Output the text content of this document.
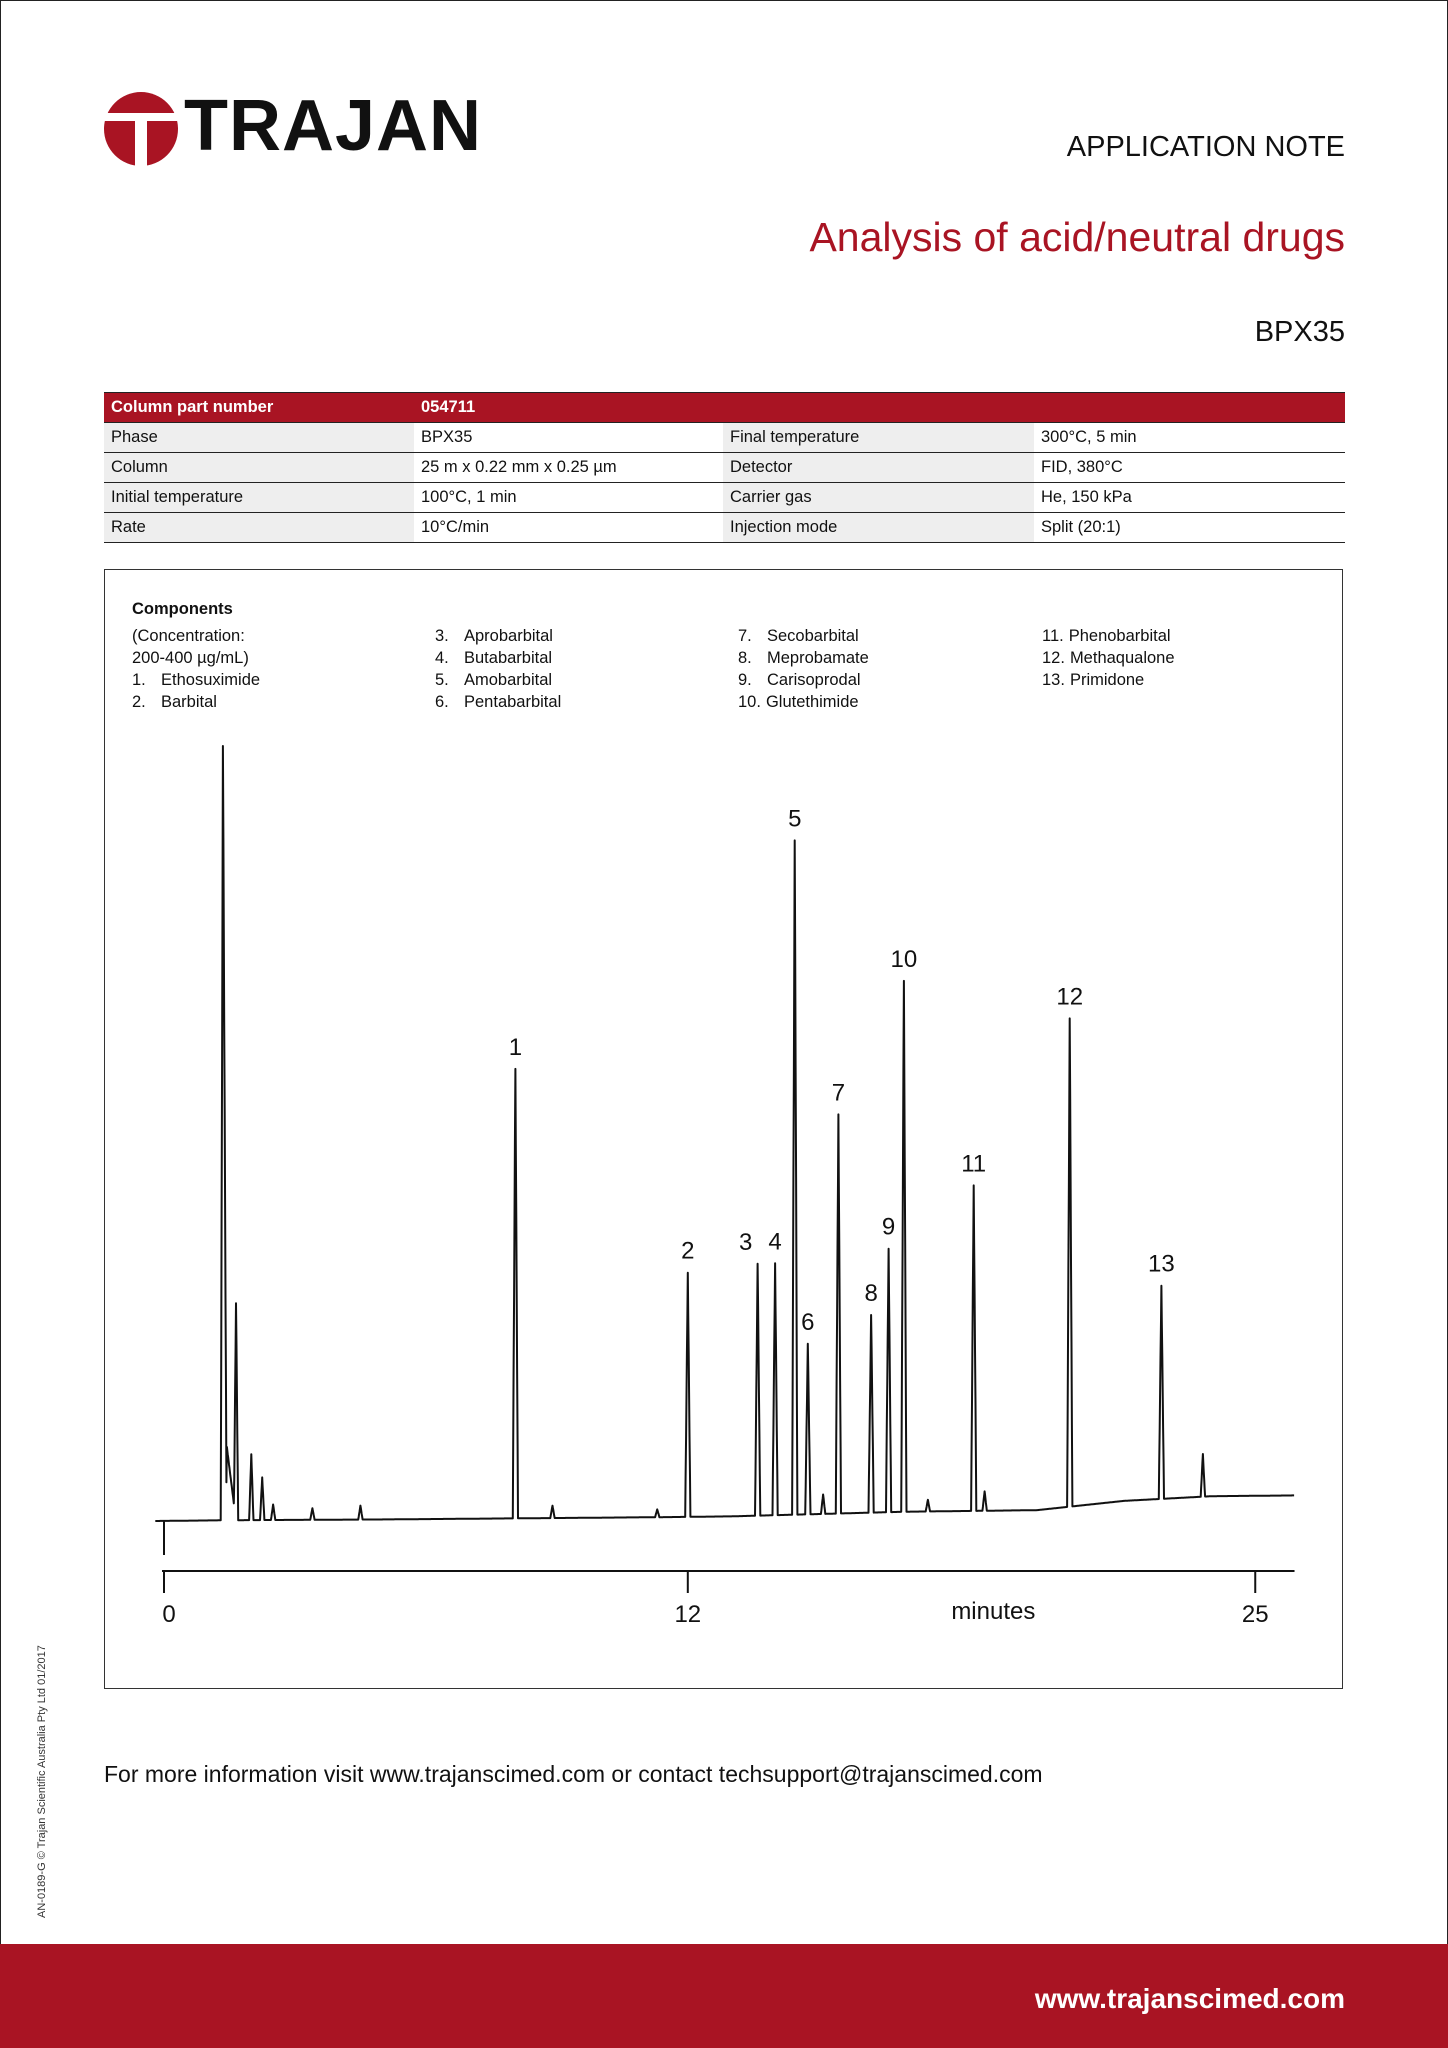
TRAJAN	APPLICATION NOTE
Analysis of acid/neutral drugs
BPX35
Column part number	054711		
Phase	BPX35	Final temperature	300°C, 5 min
Column	25 m x 0.22 mm x 0.25 µm	Detector	FID, 380°C
Initial temperature	100°C, 1 min	Carrier gas	He, 150 kPa
Rate	10°C/min	Injection mode	Split (20:1)
Components
(Concentration:
200-400 µg/mL)
1. Ethosuximide
2. Barbital
3. Aprobarbital
4. Butabarbital
5. Amobarbital
6. Pentabarbital
7. Secobarbital
8. Meprobamate
9. Carisoprodal
10. Glutethimide
11. Phenobarbital
12. Methaqualone
13. Primidone
1
2 3 4
5
6
7
8
9
10
11
12
13
0	12	25
minutes
For more information visit www.trajanscimed.com or contact techsupport@trajanscimed.com
AN-0189-G © Trajan Scientific Australia Pty Ltd 01/2017
www.trajanscimed.com
